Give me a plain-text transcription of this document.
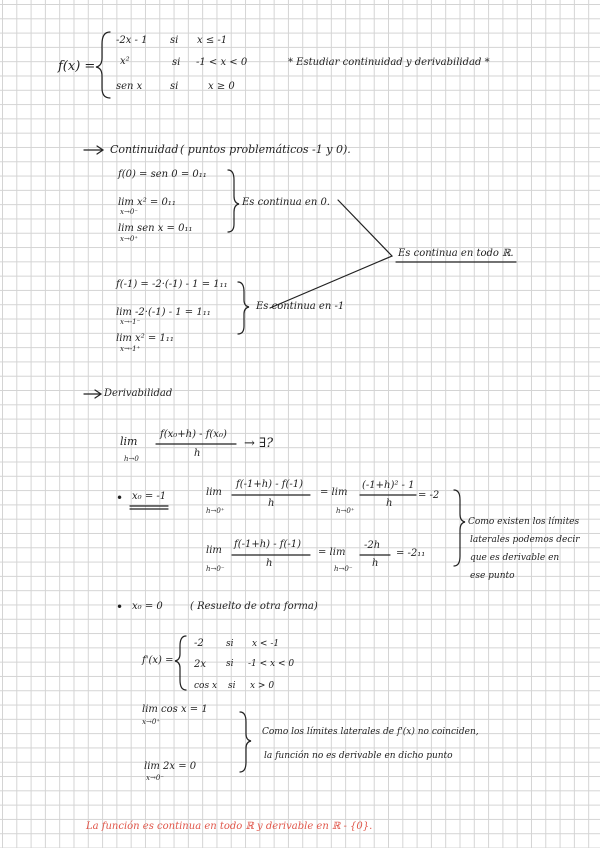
f(x) =
-2x - 1 si x ≤ -1
x²	si -1 < x < 0
sen x	si	x ≥ 0
* Estudiar continuidad y derivabilidad *
Continuidad ( puntos problemáticos -1 y 0).
f(0) = sen 0 = 0₁₁
lim x² = 0₁₁
x→0⁻
lim sen x = 0₁₁
x→0⁺
Es continua en 0.
f(-1) = -2·(-1) - 1 = 1₁₁
lim -2·(-1) - 1 = 1₁₁
x→-1⁻
lim x² = 1₁₁
x→-1⁺
Es continua en -1
Es continua en todo ℝ.
Derivabilidad
lim
h→0
f(x₀+h) - f(x₀)
h
→ ∃?
• x₀ = -1	lim
h→0⁺
f(-1+h) - f(-1)
h
= lim
h→0⁺
(-1+h)² - 1
h
= -2
lim
h→0⁻
f(-1+h) - f(-1)
h
= lim
h→0⁻
-2h
h
= -2₁₁
Como existen los límites
laterales podemos decir
que es derivable en
ese punto
• x₀ = 0	( Resuelto de otra forma)
f'(x) =
-2 si x < -1
2x si -1 < x < 0
cos x si x > 0
lim cos x = 1
x→0⁺
lim 2x = 0
x→0⁻
Como los límites laterales de f'(x) no coinciden,
la función no es derivable en dicho punto
La función es continua en todo ℝ y derivable en ℝ - {0}.
